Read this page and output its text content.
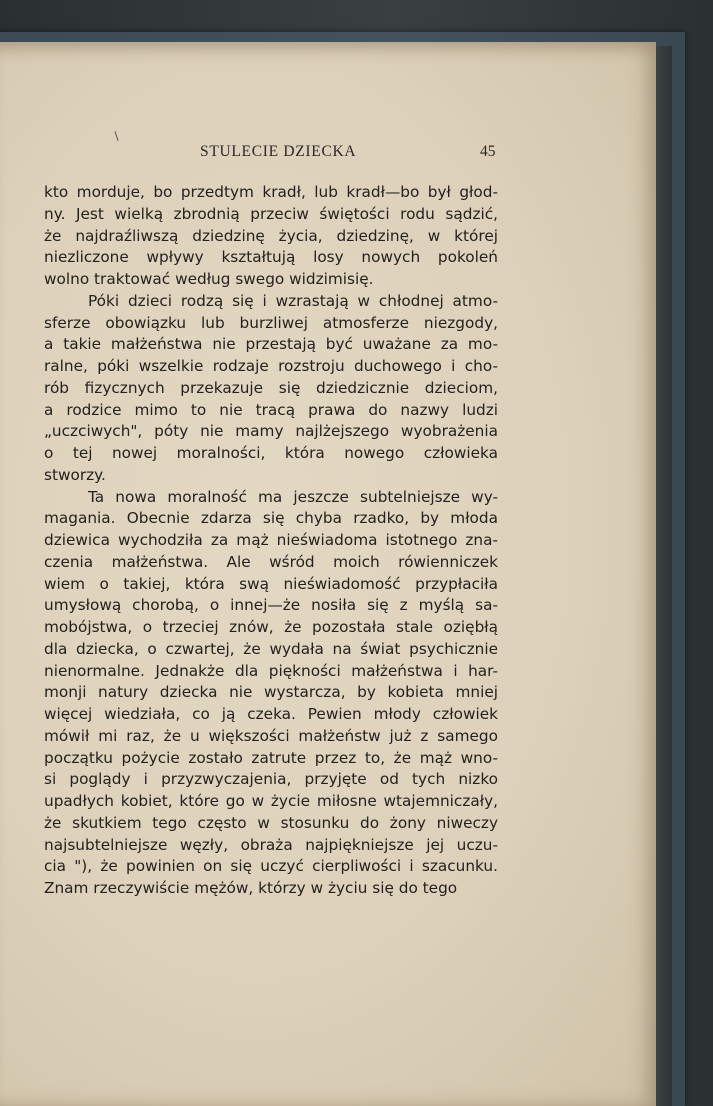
STULECIE DZIECKA	45
kto morduje, bo przedtym kradł, lub kradł—bo był głod-
ny. Jest wielką zbrodnią przeciw świętości rodu sądzić,
że najdraźliwszą dziedzinę życia, dziedzinę, w której
niezliczone wpływy kształtują losy nowych pokoleń
wolno traktować według swego widzimisię.
Póki dzieci rodzą się i wzrastają w chłodnej atmo-
sferze obowiązku lub burzliwej atmosferze niezgody,
a takie małżeństwa nie przestają być uważane za mo-
ralne, póki wszelkie rodzaje rozstroju duchowego i cho-
rób fizycznych przekazuje się dziedzicznie dzieciom,
a rodzice mimo to nie tracą prawa do nazwy ludzi
„uczciwych", póty nie mamy najlżejszego wyobrażenia
o tej nowej moralności, która nowego człowieka
stworzy.
Ta nowa moralność ma jeszcze subtelniejsze wy-
magania. Obecnie zdarza się chyba rzadko, by młoda
dziewica wychodziła za mąż nieświadoma istotnego zna-
czenia małżeństwa. Ale wśród moich rówienniczek
wiem o takiej, która swą nieświadomość przypłaciła
umysłową chorobą, o innej—że nosiła się z myślą sa-
mobójstwa, o trzeciej znów, że pozostała stale oziębłą
dla dziecka, o czwartej, że wydała na świat psychicznie
nienormalne. Jednakże dla piękności małżeństwa i har-
monji natury dziecka nie wystarcza, by kobieta mniej
więcej wiedziała, co ją czeka. Pewien młody człowiek
mówił mi raz, że u większości małżeństw już z samego
początku pożycie zostało zatrute przez to, że mąż wno-
si poglądy i przyzwyczajenia, przyjęte od tych nizko
upadłych kobiet, które go w życie miłosne wtajemniczały,
że skutkiem tego często w stosunku do żony niweczy
najsubtelniejsze węzły, obraża najpiękniejsze jej uczu-
cia "), że powinien on się uczyć cierpliwości i szacunku.
Znam rzeczywiście mężów, którzy w życiu się do tego
